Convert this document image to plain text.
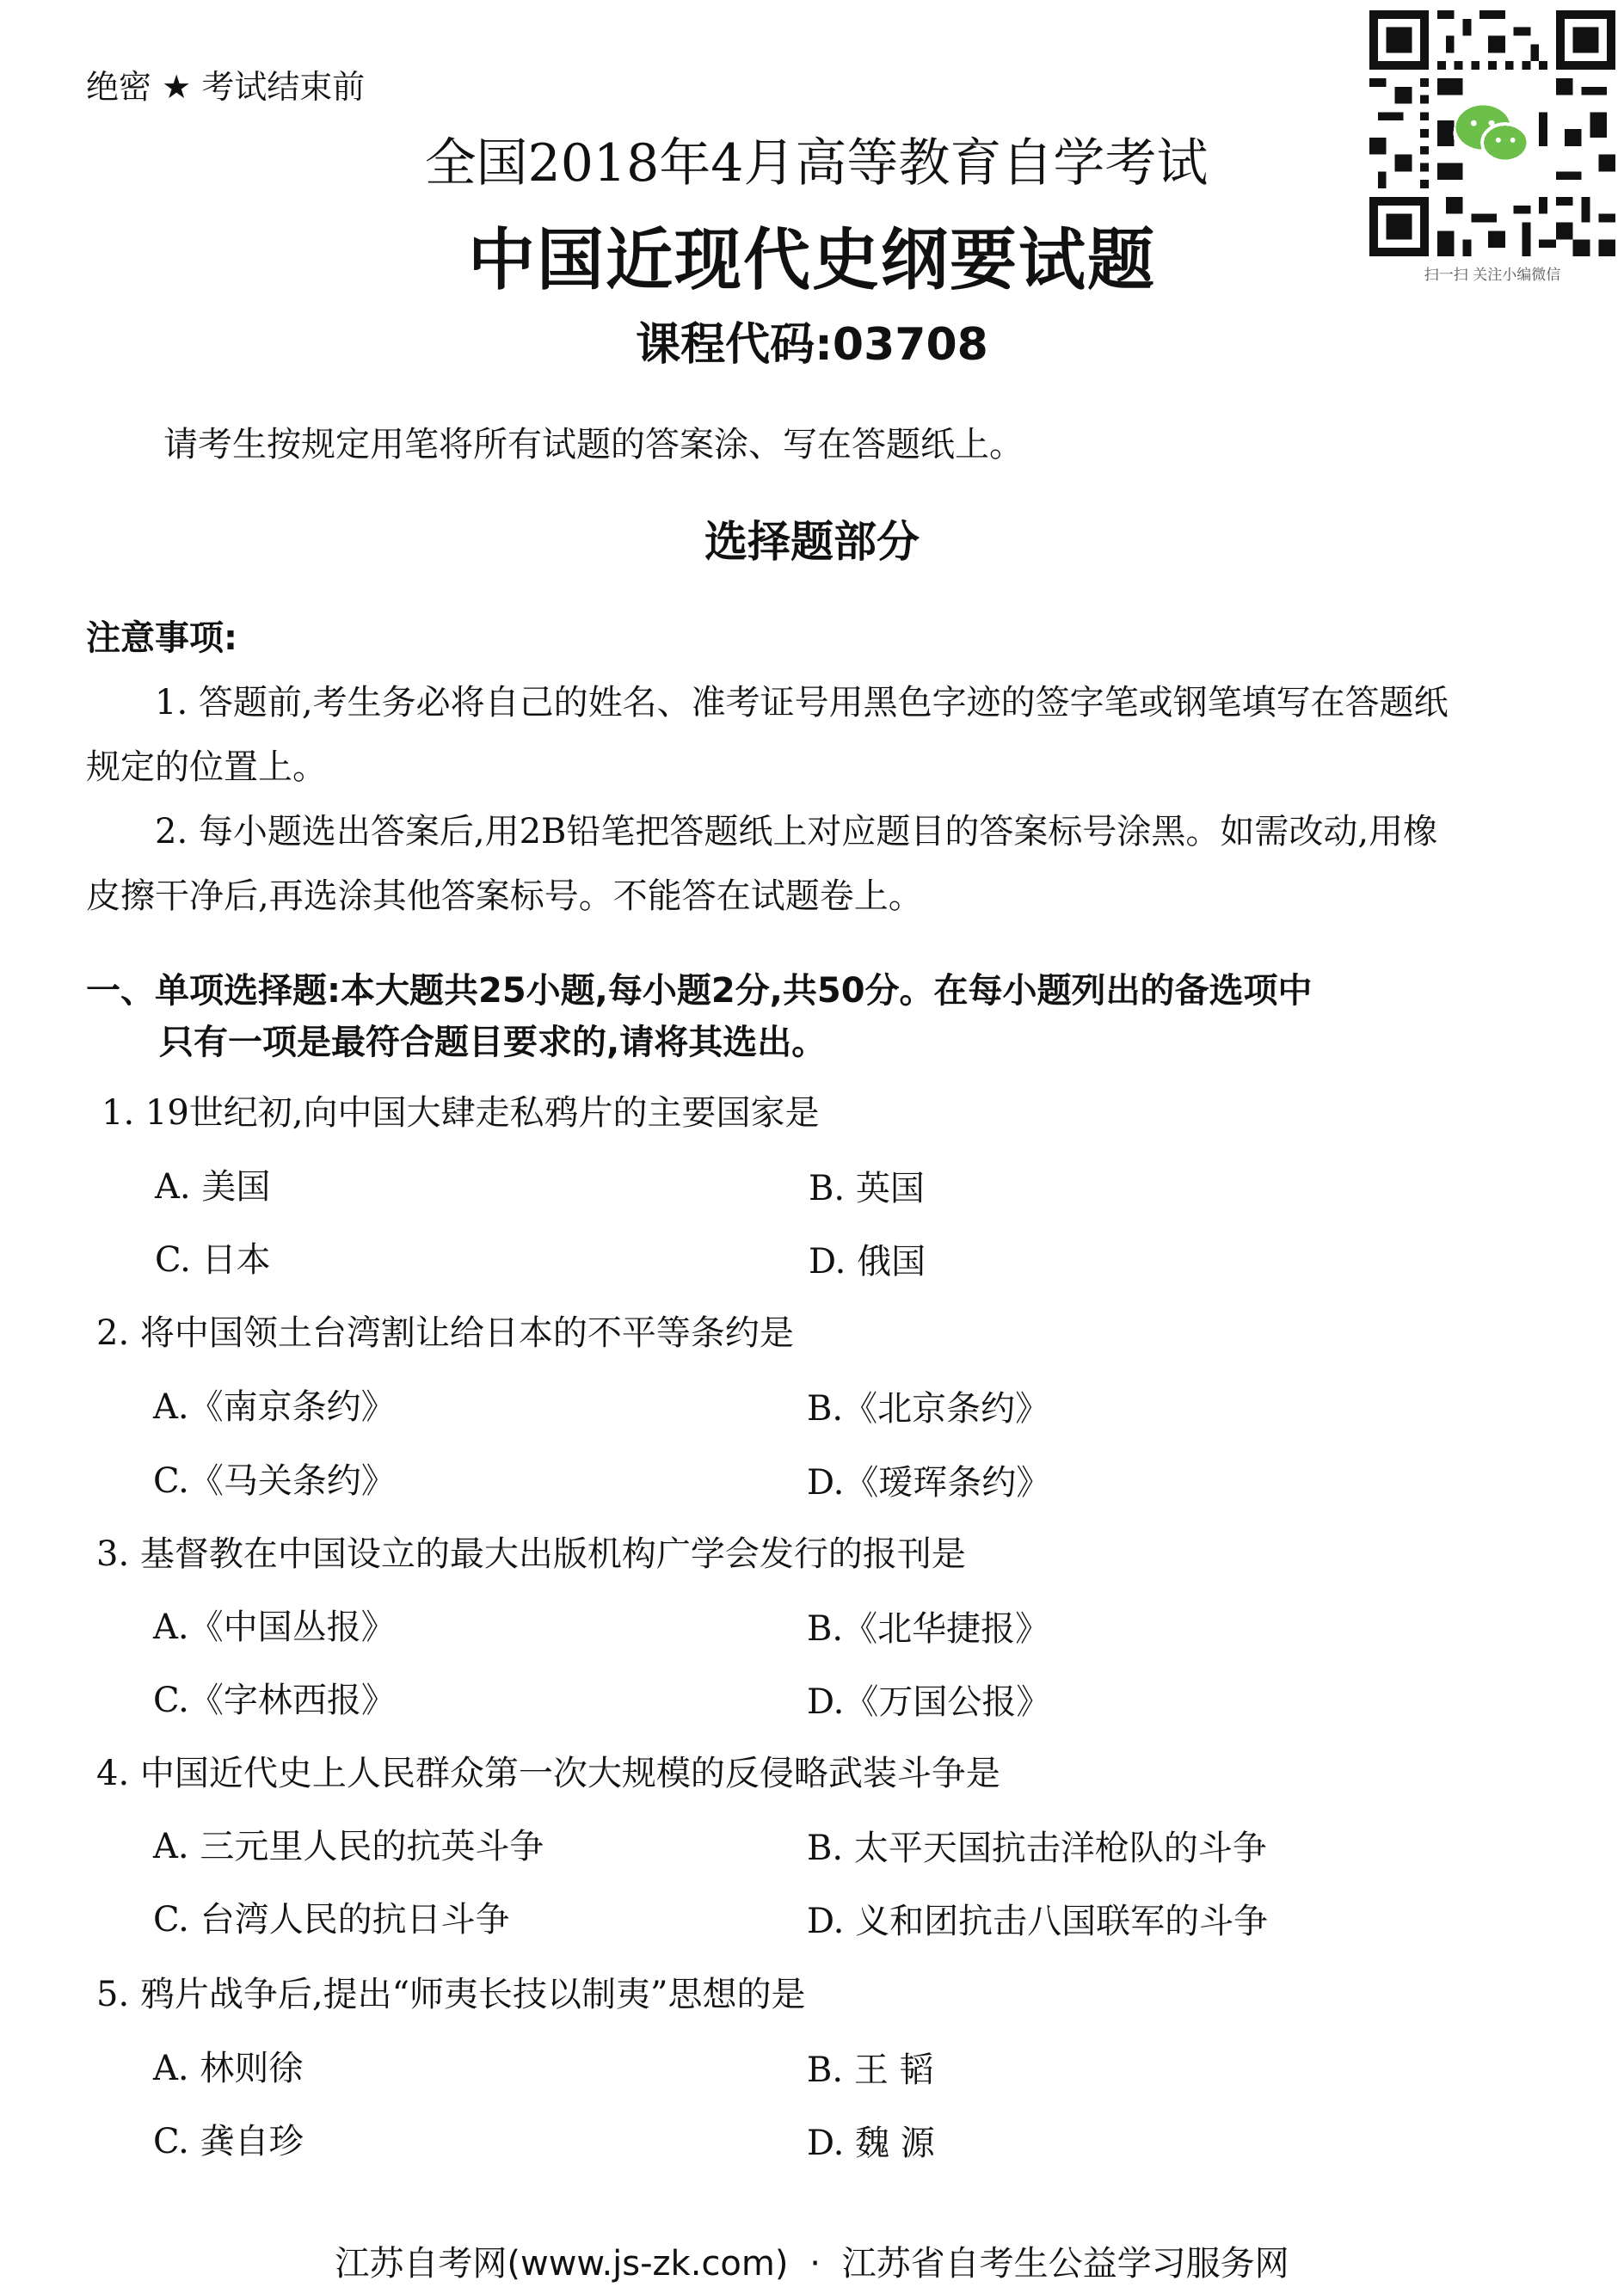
绝密 ★ 考试结束前
全国2018年4月高等教育自学考试
中国近现代史纲要试题
课程代码:03708
扫一扫 关注小编微信
请考生按规定用笔将所有试题的答案涂、写在答题纸上。
选择题部分
注意事项:
1. 答题前,考生务必将自己的姓名、准考证号用黑色字迹的签字笔或钢笔填写在答题纸
规定的位置上。
2. 每小题选出答案后,用2B铅笔把答题纸上对应题目的答案标号涂黑。如需改动,用橡
皮擦干净后,再选涂其他答案标号。不能答在试题卷上。
一、单项选择题:本大题共25小题,每小题2分,共50分。在每小题列出的备选项中
只有一项是最符合题目要求的,请将其选出。
1. 19世纪初,向中国大肆走私鸦片的主要国家是
A. 美国	B. 英国
C. 日本	D. 俄国
2. 将中国领土台湾割让给日本的不平等条约是
A.《南京条约》	B.《北京条约》
C.《马关条约》	D.《瑷珲条约》
3. 基督教在中国设立的最大出版机构广学会发行的报刊是
A.《中国丛报》	B.《北华捷报》
C.《字林西报》	D.《万国公报》
4. 中国近代史上人民群众第一次大规模的反侵略武装斗争是
A. 三元里人民的抗英斗争	B. 太平天国抗击洋枪队的斗争
C. 台湾人民的抗日斗争	D. 义和团抗击八国联军的斗争
5. 鸦片战争后,提出“师夷长技以制夷”思想的是
A. 林则徐	B. 王 韬
C. 龚自珍	D. 魏 源
江苏自考网(www.js-zk.com) · 江苏省自考生公益学习服务网
